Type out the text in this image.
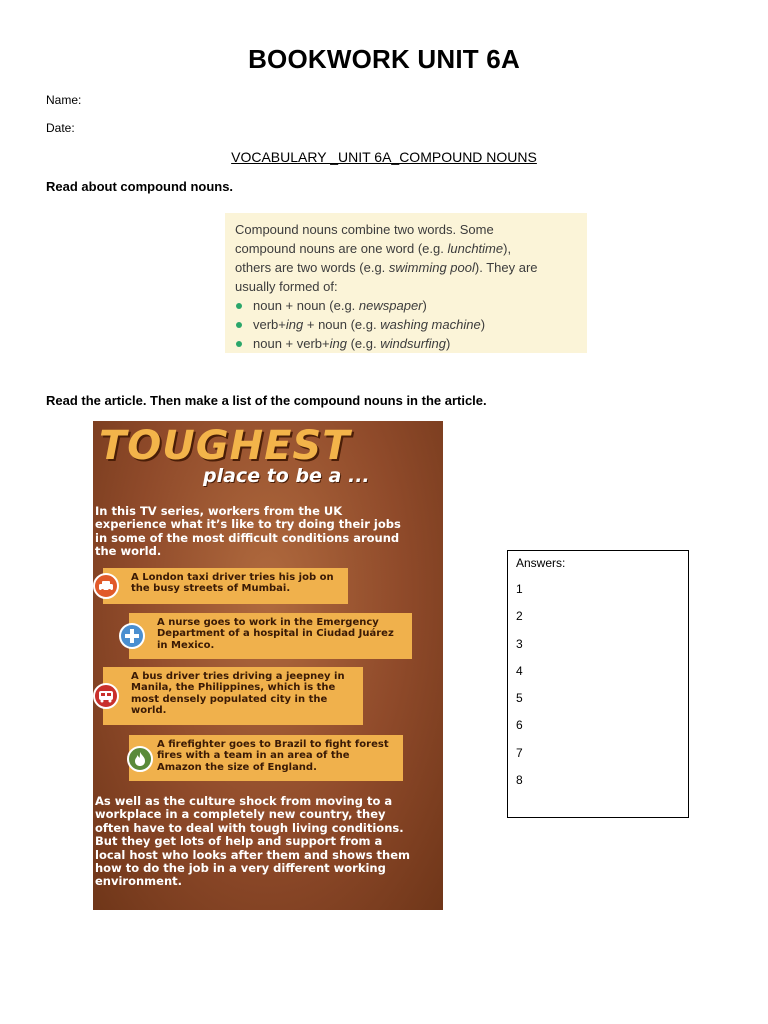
BOOKWORK UNIT 6A
Name:
Date:
VOCABULARY _UNIT 6A_COMPOUND NOUNS
Read about compound nouns.

Compound nouns combine two words. Some
compound nouns are one word (e.g. lunchtime),
others are two words (e.g. swimming pool). They are
usually formed of:

noun + noun (e.g. newspaper)
verb+ing + noun (e.g. washing machine)
noun + verb+ing (e.g. windsurfing)
Read the article. Then make a list of the compound nouns in the article.
TOUGHEST
place to be a ...
In this TV series, workers from the UK experience what it’s like to try doing their jobs in some of the most difficult conditions around the world.
A London taxi driver tries his job on the busy streets of Mumbai.
A nurse goes to work in the Emergency Department of a hospital in Ciudad Juárez in Mexico.
A bus driver tries driving a jeepney in Manila, the Philippines, which is the most densely populated city in the world.
A firefighter goes to Brazil to fight forest fires with a team in an area of the Amazon the size of England.
As well as the culture shock from moving to a workplace in a completely new country, they often have to deal with tough living conditions. But they get lots of help and support from a local host who looks after them and shows them how to do the job in a very different working environment.

Answers:

1
2
3
4
5
6
7
8
